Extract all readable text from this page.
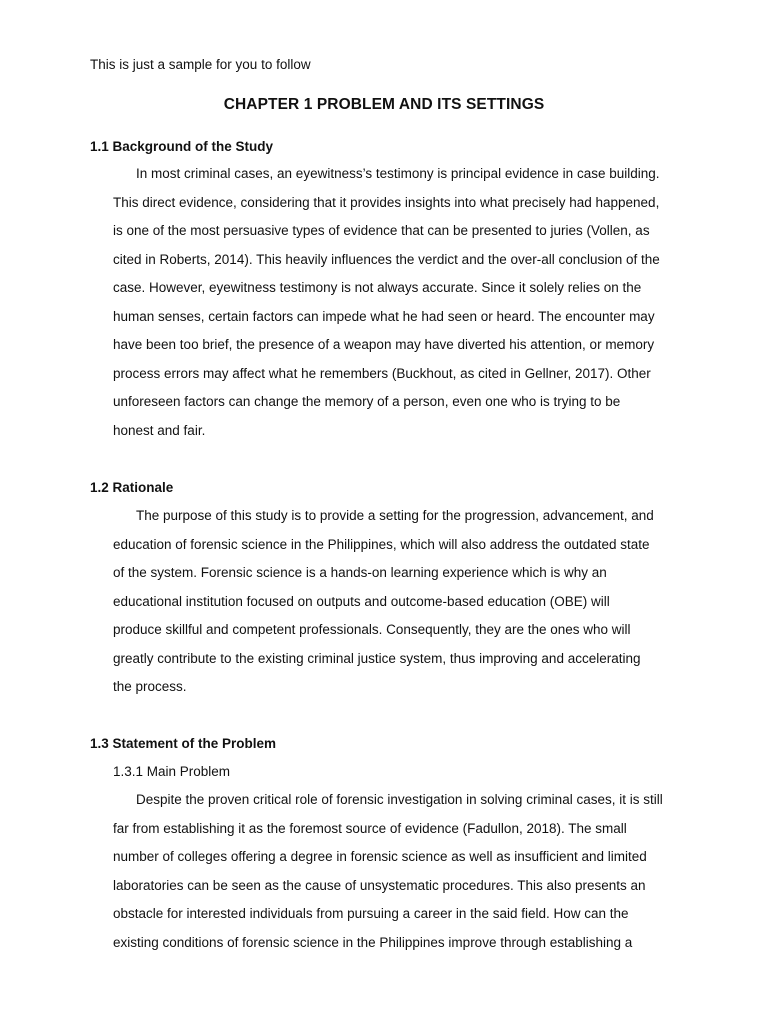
This is just a sample for you to follow
CHAPTER 1 PROBLEM AND ITS SETTINGS
1.1 Background of the Study

In most criminal cases, an eyewitness’s testimony is principal evidence in case building.
This direct evidence, considering that it provides insights into what precisely had happened,
is one of the most persuasive types of evidence that can be presented to juries (Vollen, as
cited in Roberts, 2014). This heavily influences the verdict and the over-all conclusion of the
case. However, eyewitness testimony is not always accurate. Since it solely relies on the
human senses, certain factors can impede what he had seen or heard. The encounter may
have been too brief, the presence of a weapon may have diverted his attention, or memory
process errors may affect what he remembers (Buckhout, as cited in Gellner, 2017). Other
unforeseen factors can change the memory of a person, even one who is trying to be
honest and fair.

1.2 Rationale

The purpose of this study is to provide a setting for the progression, advancement, and
education of forensic science in the Philippines, which will also address the outdated state
of the system. Forensic science is a hands-on learning experience which is why an
educational institution focused on outputs and outcome-based education (OBE) will
produce skillful and competent professionals. Consequently, they are the ones who will
greatly contribute to the existing criminal justice system, thus improving and accelerating
the process.

1.3 Statement of the Problem
1.3.1 Main Problem

Despite the proven critical role of forensic investigation in solving criminal cases, it is still
far from establishing it as the foremost source of evidence (Fadullon, 2018). The small
number of colleges offering a degree in forensic science as well as insufficient and limited
laboratories can be seen as the cause of unsystematic procedures. This also presents an
obstacle for interested individuals from pursuing a career in the said field. How can the
existing conditions of forensic science in the Philippines improve through establishing a
